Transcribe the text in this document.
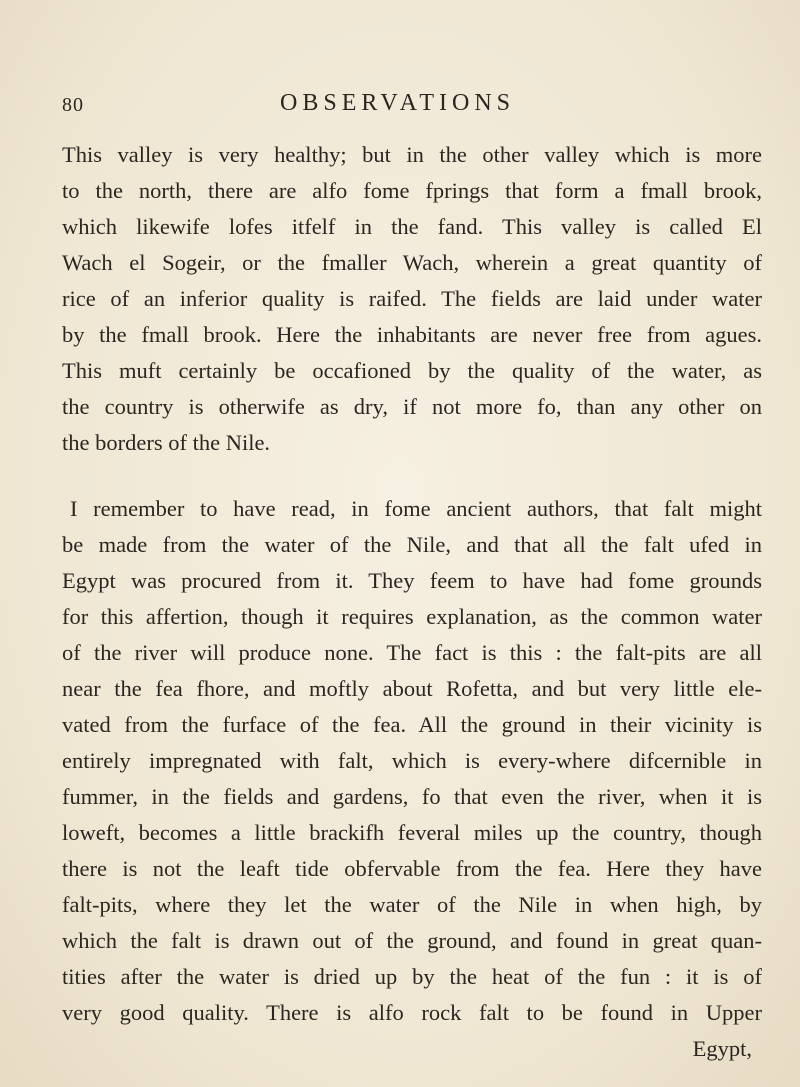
80	OBSERVATIONS
This valley is very healthy; but in the other valley which is more
to the north, there are alfo fome fprings that form a fmall brook,
which likewife lofes itfelf in the fand. This valley is called El
Wach el Sogeir, or the fmaller Wach, wherein a great quantity of
rice of an inferior quality is raifed. The fields are laid under water
by the fmall brook. Here the inhabitants are never free from agues.
This muft certainly be occafioned by the quality of the water, as
the country is otherwife as dry, if not more fo, than any other on
the borders of the Nile.
I remember to have read, in fome ancient authors, that falt might
be made from the water of the Nile, and that all the falt ufed in
Egypt was procured from it. They feem to have had fome grounds
for this affertion, though it requires explanation, as the common water
of the river will produce none. The fact is this : the falt-pits are all
near the fea fhore, and moftly about Rofetta, and but very little ele-
vated from the furface of the fea. All the ground in their vicinity is
entirely impregnated with falt, which is every-where difcernible in
fummer, in the fields and gardens, fo that even the river, when it is
loweft, becomes a little brackifh feveral miles up the country, though
there is not the leaft tide obfervable from the fea. Here they have
falt-pits, where they let the water of the Nile in when high, by
which the falt is drawn out of the ground, and found in great quan-
tities after the water is dried up by the heat of the fun : it is of
very good quality. There is alfo rock falt to be found in Upper
Egypt,
